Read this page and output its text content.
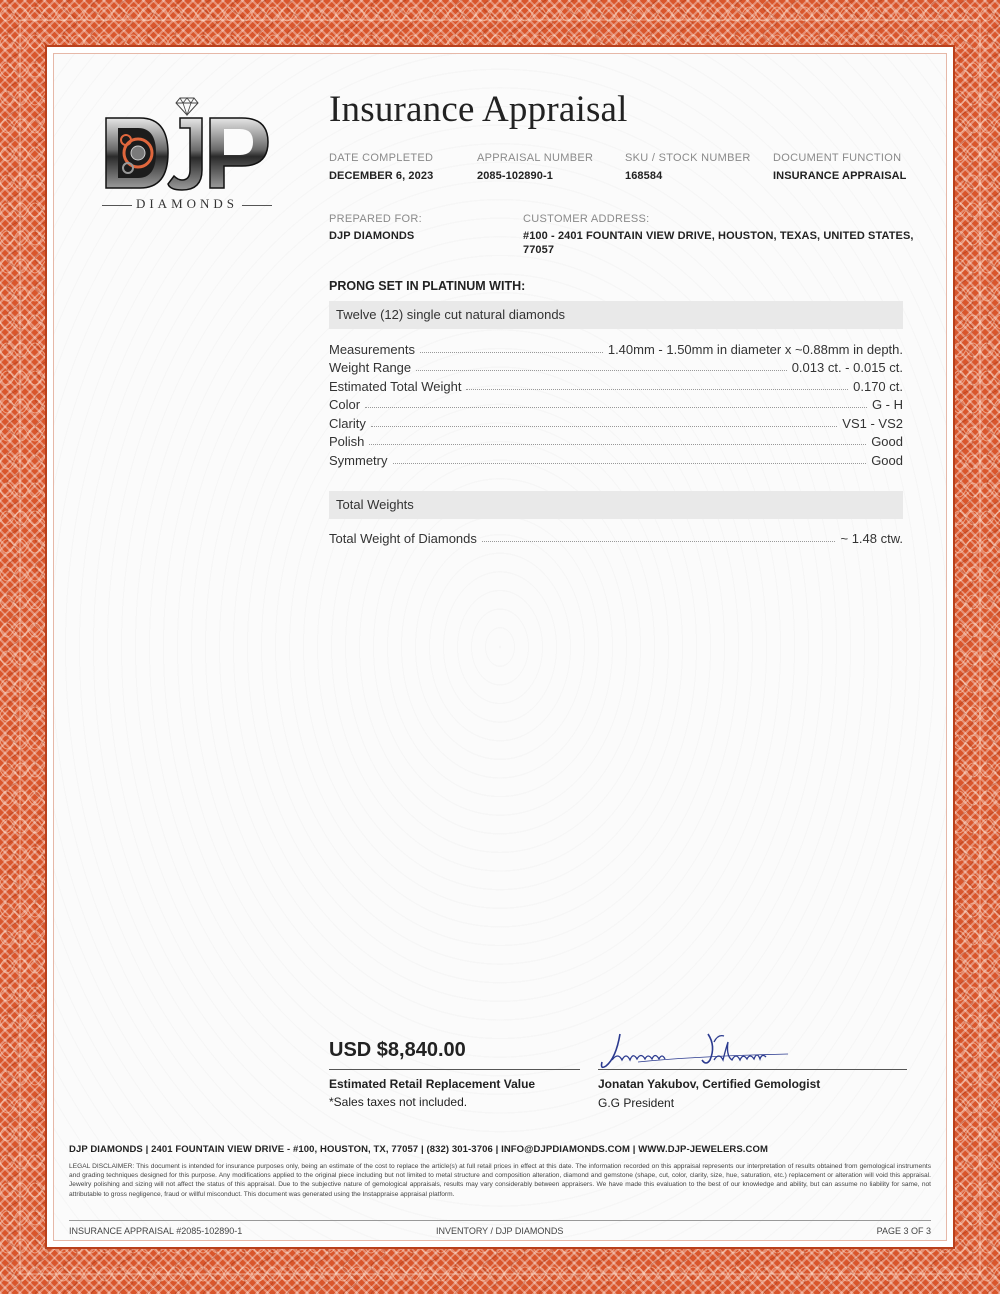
DIAMONDS
Insurance Appraisal
DATE COMPLETED
DECEMBER 6, 2023
APPRAISAL NUMBER
2085-102890-1
SKU / STOCK NUMBER
168584
DOCUMENT FUNCTION
INSURANCE APPRAISAL
PREPARED FOR:
DJP DIAMONDS
CUSTOMER ADDRESS:
#100 - 2401 FOUNTAIN VIEW DRIVE, HOUSTON, TEXAS, UNITED STATES,
77057
PRONG SET IN PLATINUM WITH:
Twelve (12) single cut natural diamonds
Measurements	1.40mm - 1.50mm in diameter x ~0.88mm in depth.
Weight Range	0.013 ct. - 0.015 ct.
Estimated Total Weight	0.170 ct.
Color	G - H
Clarity	VS1 - VS2
Polish	Good
Symmetry	Good
Total Weights
Total Weight of Diamonds	~ 1.48 ctw.
USD $8,840.00
Estimated Retail Replacement Value
*Sales taxes not included.
Jonatan Yakubov, Certified Gemologist
G.G President
DJP DIAMONDS | 2401 FOUNTAIN VIEW DRIVE - #100, HOUSTON, TX, 77057 | (832) 301-3706 | INFO@DJPDIAMONDS.COM | WWW.DJP-JEWELERS.COM
LEGAL DISCLAIMER: This document is intended for insurance purposes only, being an estimate of the cost to replace the article(s) at full retail prices in effect at this date. The information recorded on this appraisal represents our interpretation of results obtained from gemological instruments and grading techniques designed for this purpose. Any modifications applied to the original piece including but not limited to metal structure and composition alteration, diamond and gemstone (shape, cut, color, clarity, size, hue, saturation, etc.) replacement or alteration will void this appraisal. Jewelry polishing and sizing will not affect the status of this appraisal. Due to the subjective nature of gemological appraisals, results may vary considerably between appraisers. We have made this evaluation to the best of our knowledge and ability, but can assume no liability for same, not attributable to gross negligence, fraud or willful misconduct. This document was generated using the Instappraise appraisal platform.
INSURANCE APPRAISAL #2085-102890-1	INVENTORY / DJP DIAMONDS	PAGE 3 OF 3
